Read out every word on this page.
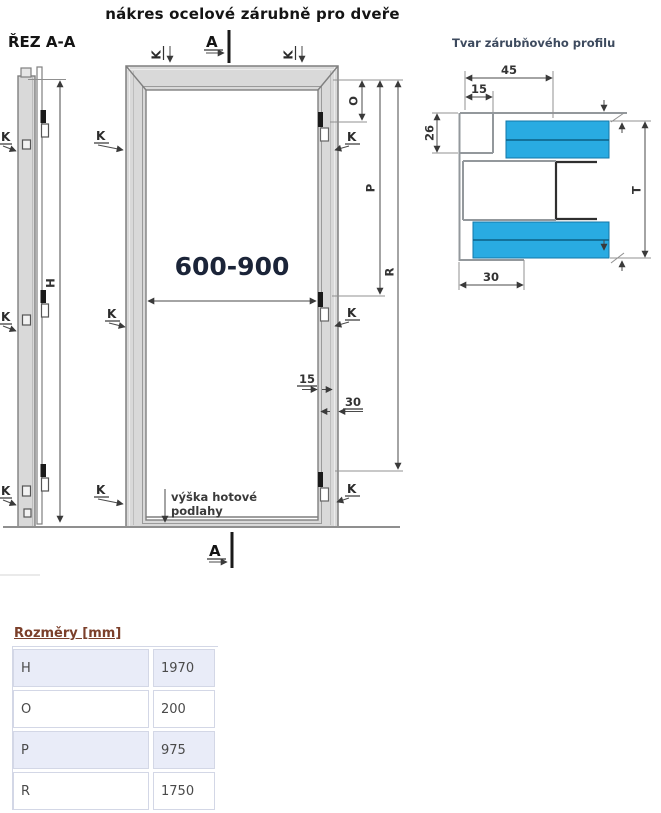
nákres ocelové zárubně pro dveře
ŘEZ A-A
K
K
K
H
K	K
K
K
K
K
K
K
O
P
R
600-900
15
30
výška hotové
podlahy
A
A
Tvar zárubňového profilu
45
15
26
T
30
Rozměry [mm]
H	1970
O	200
P	975
R	1750
